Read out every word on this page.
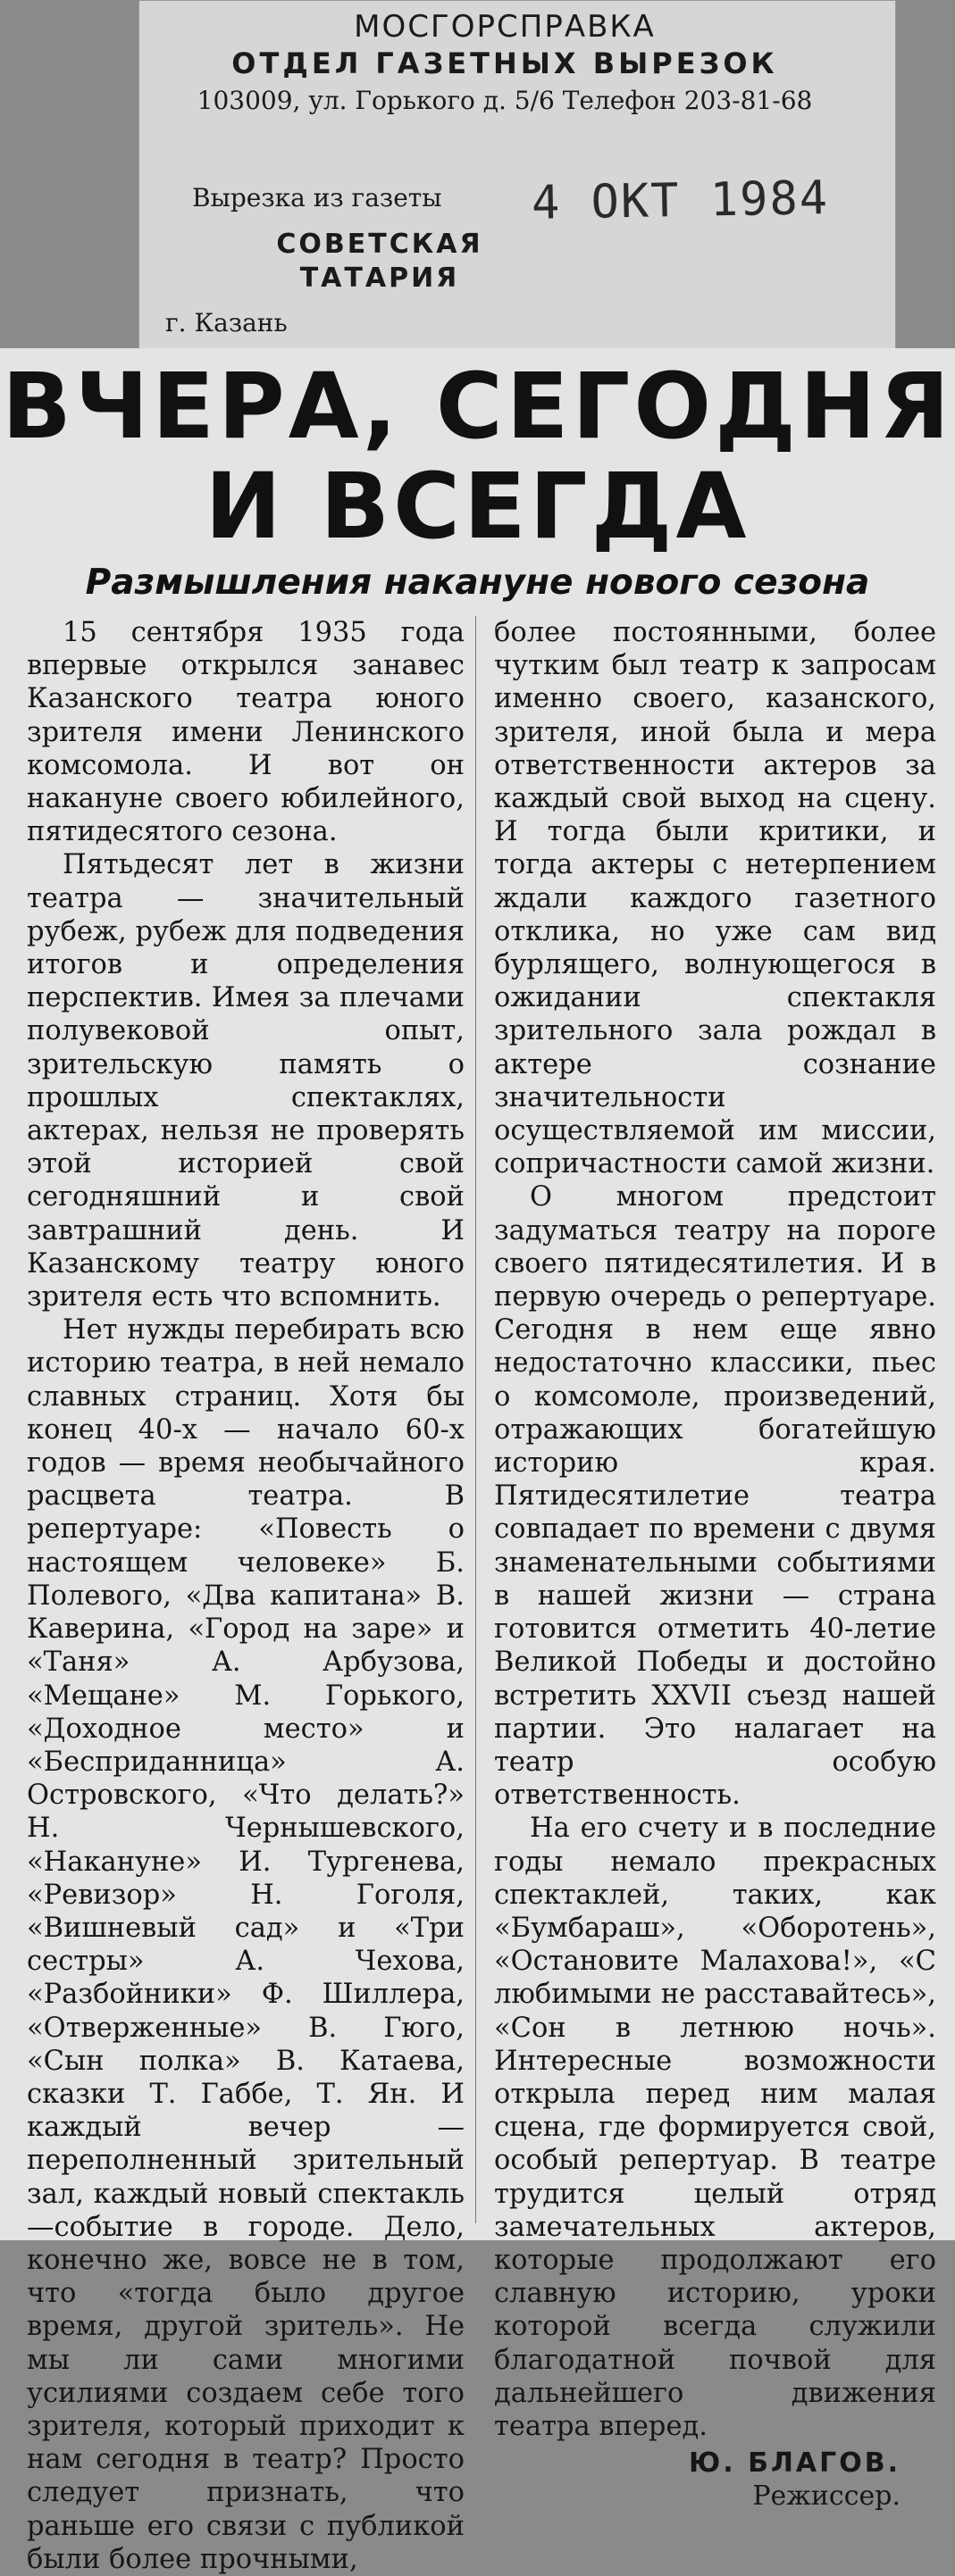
МОСГОРСПРАВКА
ОТДЕЛ ГАЗЕТНЫХ ВЫРЕЗОК
103009, ул. Горького д. 5/6 Телефон 203-81-68
Вырезка из газеты 4 ОКТ 1984
СОВЕТСКАЯ
ТАТАРИЯ
г. Казань
ВЧЕРА, СЕГОДНЯ
И ВСЕГДА
Размышления накануне нового сезона

15 сентября 1935 года впервые открылся занавес Казанского театра юного зрителя имени Ленинского комсомола. И вот он накануне своего юбилейного, пятидесятого сезона.

Пятьдесят лет в жизни театра — значительный рубеж, рубеж для подведения итогов и определения перспектив. Имея за плечами полувековой опыт, зрительскую память о прошлых спектаклях, актерах, нельзя не проверять этой историей свой сегодняшний и свой завтрашний день. И Казанскому театру юного зрителя есть что вспомнить.

Нет нужды перебирать всю историю театра, в ней немало славных страниц. Хотя бы конец 40-х — начало 60-х годов — время необычайного расцвета театра. В репертуаре: «Повесть о настоящем человеке» Б. Полевого, «Два капитана» В. Каверина, «Город на заре» и «Таня» А. Арбузова, «Мещане» М. Горького, «Доходное место» и «Бесприданница» А. Островского, «Что делать?» Н. Чернышевского, «Накануне» И. Тургенева, «Ревизор» Н. Гоголя, «Вишневый сад» и «Три сестры» А. Чехова, «Разбойники» Ф. Шиллера, «Отверженные» В. Гюго, «Сын полка» В. Катаева, сказки Т. Габбе, Т. Ян. И каждый вечер — переполненный зрительный зал, каждый новый спектакль —событие в городе. Дело, конечно же, вовсе не в том, что «тогда было другое время, другой зритель». Не мы ли сами многими усилиями создаем себе того зрителя, который приходит к нам сегодня в театр? Просто следует признать, что раньше его связи с публикой были более прочными,

более постоянными, более чутким был театр к запросам именно своего, казанского, зрителя, иной была и мера ответственности актеров за каждый свой выход на сцену. И тогда были критики, и тогда актеры с нетерпением ждали каждого газетного отклика, но уже сам вид бурлящего, волнующегося в ожидании спектакля зрительного зала рождал в актере сознание значительности осуществляемой им миссии, сопричастности самой жизни.

О многом предстоит задуматься театру на пороге своего пятидесятилетия. И в первую очередь о репертуаре. Сегодня в нем еще явно недостаточно классики, пьес о комсомоле, произведений, отражающих богатейшую историю края. Пятидесятилетие театра совпадает по времени с двумя знаменательными событиями в нашей жизни — страна готовится отметить 40-летие Великой Победы и достойно встретить XXVII съезд нашей партии. Это налагает на театр особую ответственность.

На его счету и в последние годы немало прекрасных спектаклей, таких, как «Бумбараш», «Оборотень», «Остановите Малахова!», «С любимыми не расставайтесь», «Сон в летнюю ночь». Интересные возможности открыла перед ним малая сцена, где формируется свой, особый репертуар. В театре трудится целый отряд замечательных актеров, которые продолжают его славную историю, уроки которой всегда служили благодатной почвой для дальнейшего движения театра вперед.

Ю. БЛАГОВ.
Режиссер.
